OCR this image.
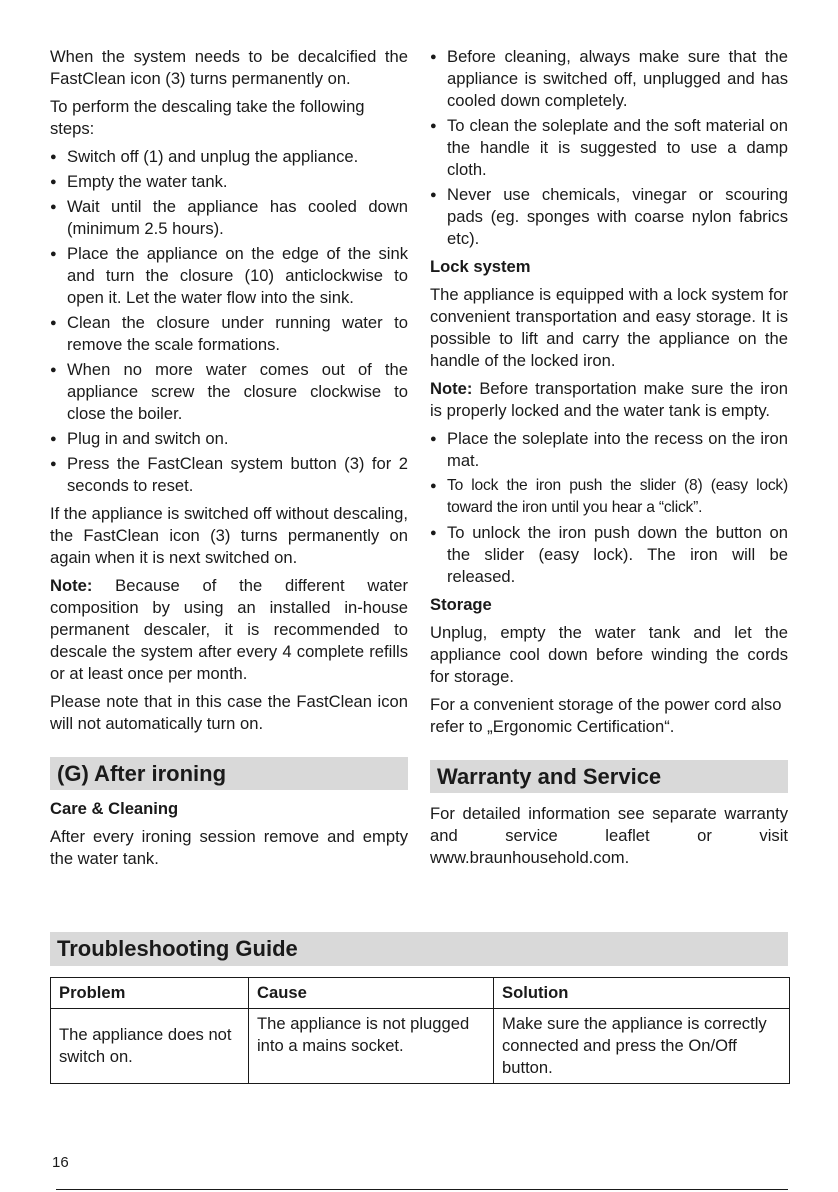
When the system needs to be decalcified the FastClean icon (3) turns permanently on.

To perform the descaling take the following steps:

● Switch off (1) and unplug the appliance.
● Empty the water tank.
● Wait until the appliance has cooled down (minimum 2.5 hours).
● Place the appliance on the edge of the sink and turn the closure (10) anticlockwise to open it. Let the water flow into the sink.
● Clean the closure under running water to remove the scale formations.
● When no more water comes out of the appliance screw the closure clockwise to close the boiler.
● Plug in and switch on.
● Press the FastClean system button (3) for 2 seconds to reset.

If the appliance is switched off without descaling, the FastClean icon (3) turns permanently on again when it is next switched on.

Note: Because of the different water composition by using an installed in-house permanent descaler, it is recommended to descale the system after every 4 complete refills or at least once per month.

Please note that in this case the FastClean icon will not automatically turn on.

(G) After ironing
Care & Cleaning

After every ironing session remove and empty the water tank.

● Before cleaning, always make sure that the appliance is switched off, unplugged and has cooled down completely.
● To clean the soleplate and the soft material on the handle it is suggested to use a damp cloth.
● Never use chemicals, vinegar or scouring pads (eg. sponges with coarse nylon fabrics etc).
Lock system

The appliance is equipped with a lock system for convenient transportation and easy storage. It is possible to lift and carry the appliance on the handle of the locked iron.

Note: Before transportation make sure the iron is properly locked and the water tank is empty.

● Place the soleplate into the recess on the iron mat.
● To lock the iron push the slider (8) (easy lock) toward the iron until you hear a “click”.
● To unlock the iron push down the button on the slider (easy lock). The iron will be released.
Storage

Unplug, empty the water tank and let the appliance cool down before winding the cords for storage.

For a convenient storage of the power cord also refer to „Ergonomic Certification“.

Warranty and Service

For detailed information see separate warranty and service leaflet or visit www.braunhousehold.com.

Troubleshooting Guide
Problem	Cause	Solution
The appliance does not switch on.	The appliance is not plugged into a mains socket.	Make sure the appliance is correctly connected and press the On/Off button.
16
